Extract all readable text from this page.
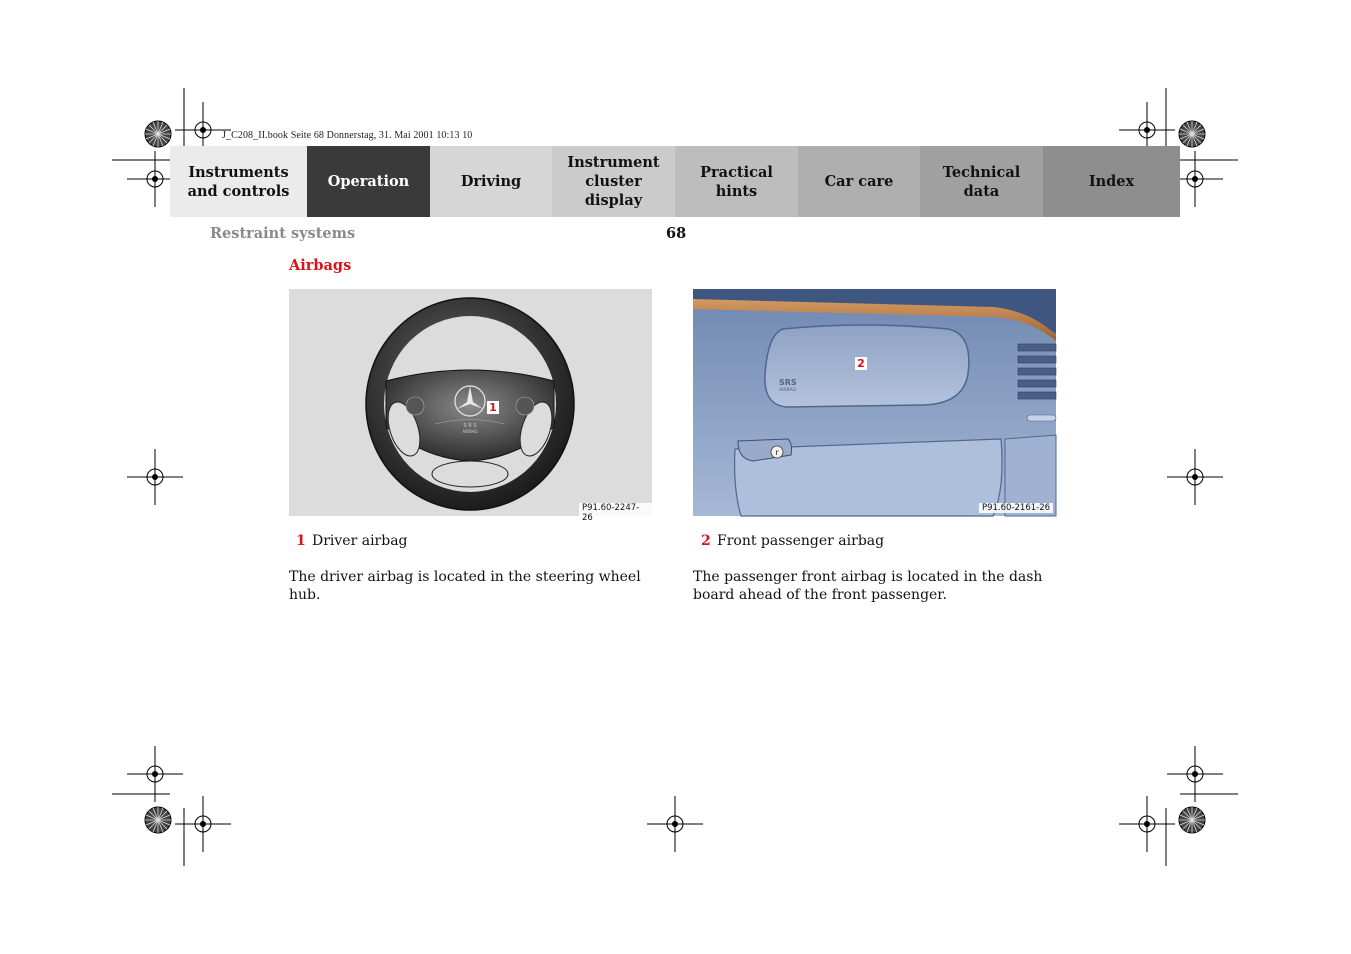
J_C208_II.book Seite 68 Donnerstag, 31. Mai 2001 10:13 10
Instruments and controls
Operation	Driving
Instrument cluster display
Practical hints
Car care
Technical data
Index
Restraint systems	68
Airbags
S R S
AIRBAG
1
P91.60-2247-26
SRS
AIRBAG
r
2
P91.60-2161-26
1 Driver airbag	2 Front passenger airbag
The driver airbag is located in the steering wheel hub.
The passenger front airbag is located in the dash board ahead of the front passenger.
